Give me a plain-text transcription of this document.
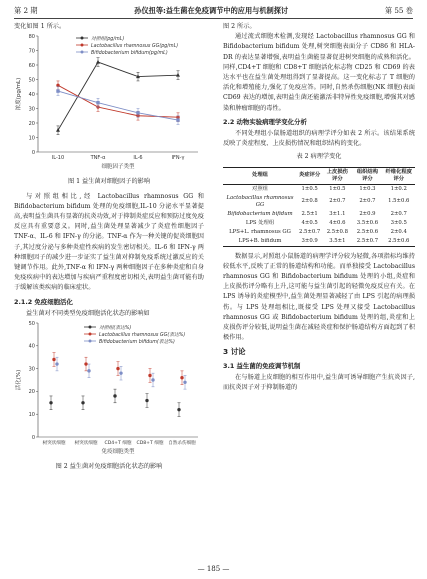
第 2 期	孙仪扭等:益生菌在免疫调节中的应用与机制探讨	第 55 卷

变化如图 1 所示。

0
10
20
30
40
50
60
70
80
IL-10	TNF-α	IL-6	IFN-γ
细胞因子类型
浓度(pg/mL)
对照组(pg/mL)
Lactobacillus rhamnosus GG(pg/mL)
Bifidobacterium bifidum(pg/mL)
图 1 益生菌对细胞因子的影响

与对照组相比,经 Lactobacillus rhamnosus GG 和 Bifidobacterium bifidum 处理的免疫细胞,IL-10 分泌水平显著提高,表明益生菌具有显著的抗炎功效,对于抑制炎症反应和预防过度免疫反应具有重要意义。同时,益生菌处理显著减少了炎症性细胞因子 TNF-α、IL-6 和 IFN-γ 的分泌。TNF-α 作为一种关键的促炎细胞因子,其过度分泌与多种炎症性疾病的发生密切相关。IL-6 和 IFN-γ 两种细胞因子的减少进一步证实了益生菌对抑制免疫系统过激反应的关键调节作用。此外,TNF-α 和 IFN-γ 两种细胞因子在多种炎症和自身免疫疾病中的表达增加与疾病严重程度密切相关,表明益生菌可能有助于缓解该类疾病的临床症状。

2.1.2 免疫细胞活化

益生菌对不同类型免疫细胞活化状态的影响如

0
10
20
30
40
50
树突状细胞 树突状细胞 CD4+T 细胞 CD8+T 细胞 自然杀伤细胞
免疫细胞类型
活化(%)
对照组(表达%)
Lactobacillus rhamnosus GG(表达%)
Bifidobacterium bifidum(表达%)
图 2 益生菌对免疫细胞活化状态的影响

图 2 所示。

通过流式细胞术检测,发现经 Lactobacillus rhamnosus GG 和 Bifidobacterium bifidum 处理,树突细胞表面分子 CD86 和 HLA-DR 的表达显著增强,表明益生菌能显著促进树突细胞的成熟和活化。同样,CD4+T 细胞和 CD8+T 细胞活化标志物 CD25 和 CD69 的表达水平也在益生菌处理组得到了显著提高。这一变化标志了 T 细胞的活化和增殖能力,强化了免疫应答。同时,自然杀伤细胞(NK 细胞)表面 CD69 表达的增加,表明益生菌还能激活非特异性免疫细胞,增强其对感染和肿瘤细胞的毒性。

2.2 动物实验病理学变化分析

不同处理组小鼠肠道组织的病理学评分如表 2 所示。该结果系统反映了炎症程度、上皮损伤情况和组织结构的变化。

表 2 病理学变化
处理组	炎症评分	上皮损伤评分	组织结构评分	纤维化程度评分
对照组	1±0.5	1±0.5	1±0.3	1±0.2
Lactobacillus rhamnosus GG	2±0.8	2±0.7	2±0.7	1.5±0.6
Bifidobacterium bifidum	2.5±1	3±1.1	2±0.9	2±0.7
LPS 处理组	4±0.5	4±0.6	3.5±0.6	3±0.5
LPS+L. rhamnosus GG	2.5±0.7	2.5±0.8	2.5±0.6	2±0.4
LPS+B. bifidum	3±0.9	3.5±1	2.5±0.7	2.5±0.6

数据显示,对照组小鼠肠道的病理学评分较为轻微,各项指标均维持较低水平,反映了正常的肠道结构和功能。而单独接受 Lactobacillus rhamnosus GG 和 Bifidobacterium bifidum 处理的小组,炎症和上皮损伤评分略有上升,这可能与益生菌引起的轻微免疫反应有关。在 LPS 诱导的炎症模型中,益生菌处理显著减轻了由 LPS 引起的病理损伤。与 LPS 处理组相比,既接受 LPS 处理又接受 Lactobacillus rhamnosus GG 或 Bifidobacterium bifidum 处理的组,炎症和上皮损伤评分较低,说明益生菌在减轻炎症和保护肠道结构方面起到了积极作用。

3 讨论
3.1 益生菌的免疫调节机制

在与肠道上皮细胞的相互作用中,益生菌可诱导细胞产生抗炎因子,而抗炎因子对于抑制肠道的

— 185 —
